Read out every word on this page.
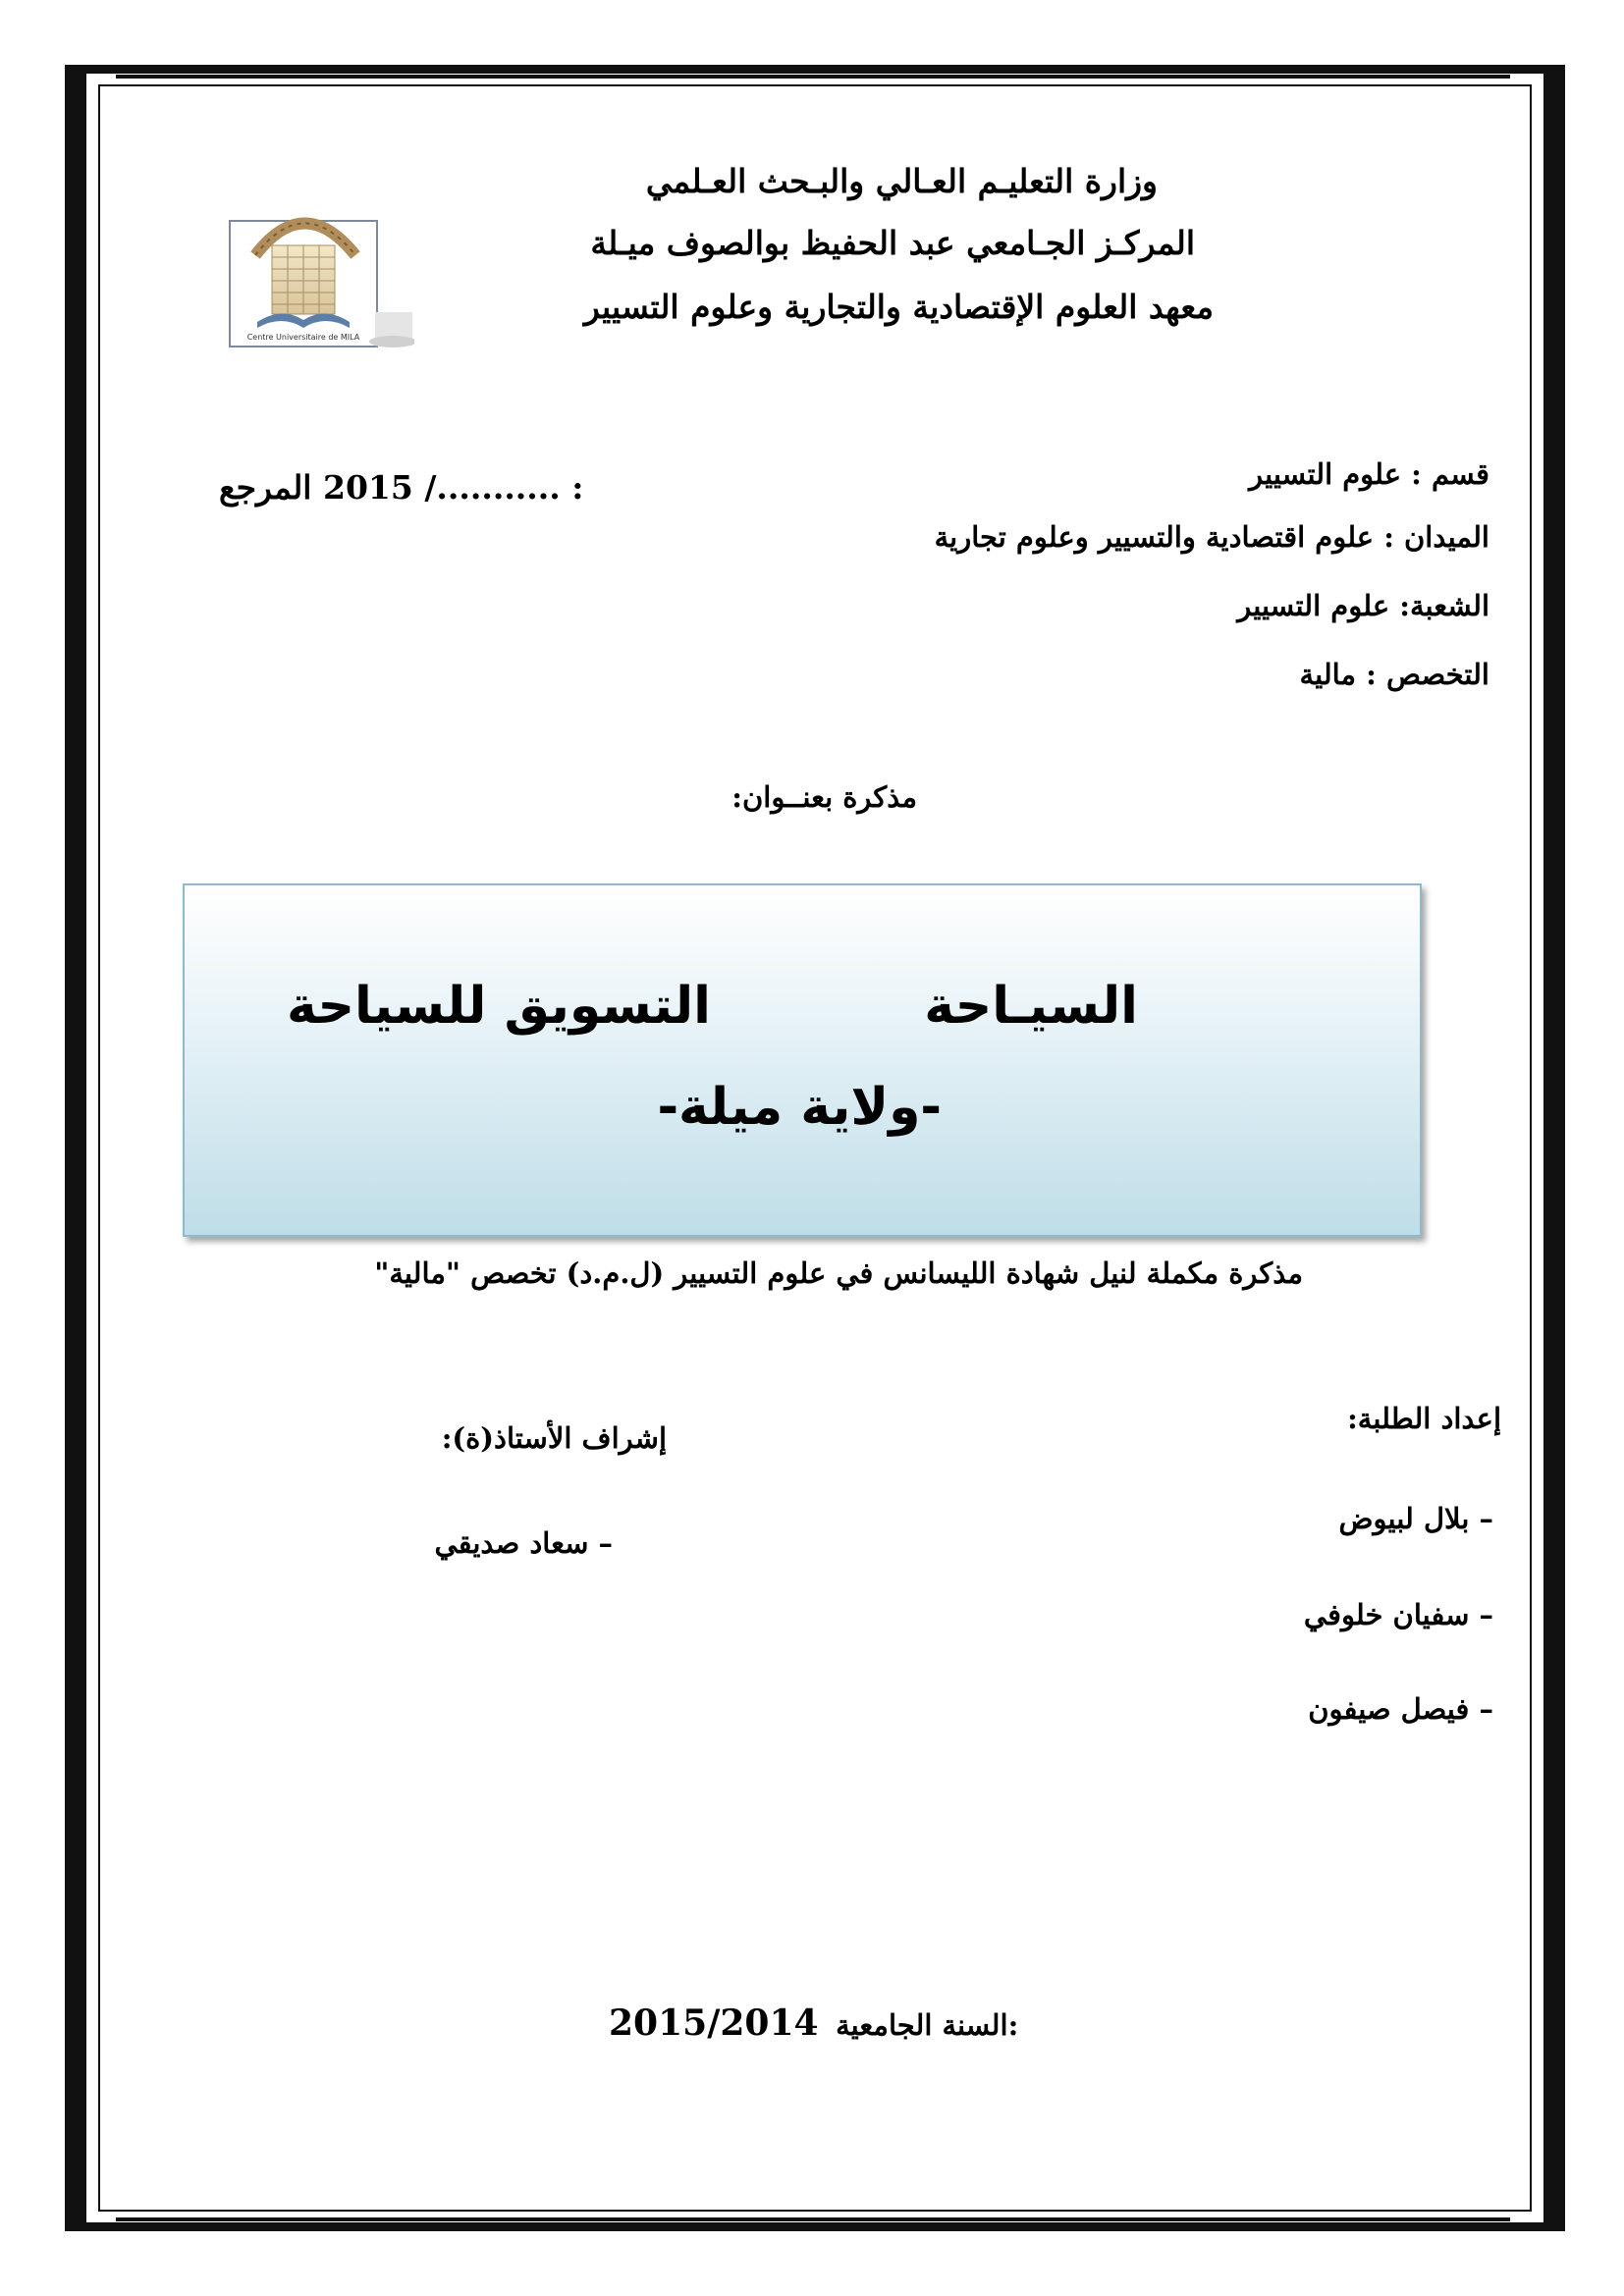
وزارة التعليـم العـالي والبـحث العـلمي
المركـز الجـامعي عبد الحفيظ بوالصوف ميـلة
معهد العلوم الإقتصادية والتجارية وعلوم التسيير
Centre Universitaire de MILA
: .........../ 2015 المرجع	قسم : علوم التسيير
الميدان : علوم اقتصادية والتسيير وعلوم تجارية
الشعبة: علوم التسيير
التخصص : مالية
مذكرة بعنــوان:
السيـاحة
التسويق للسياحة
-ولاية ميلة-
مذكرة مكملة لنيل شهادة الليسانس في علوم التسيير (ل.م.د) تخصص "مالية"
إعداد الطلبة:
– بلال لبيوض
– سفيان خلوفي
– فيصل صيفون
إشراف الأستاذ(ة):
– سعاد صديقي
2015/2014 السنة الجامعية:
